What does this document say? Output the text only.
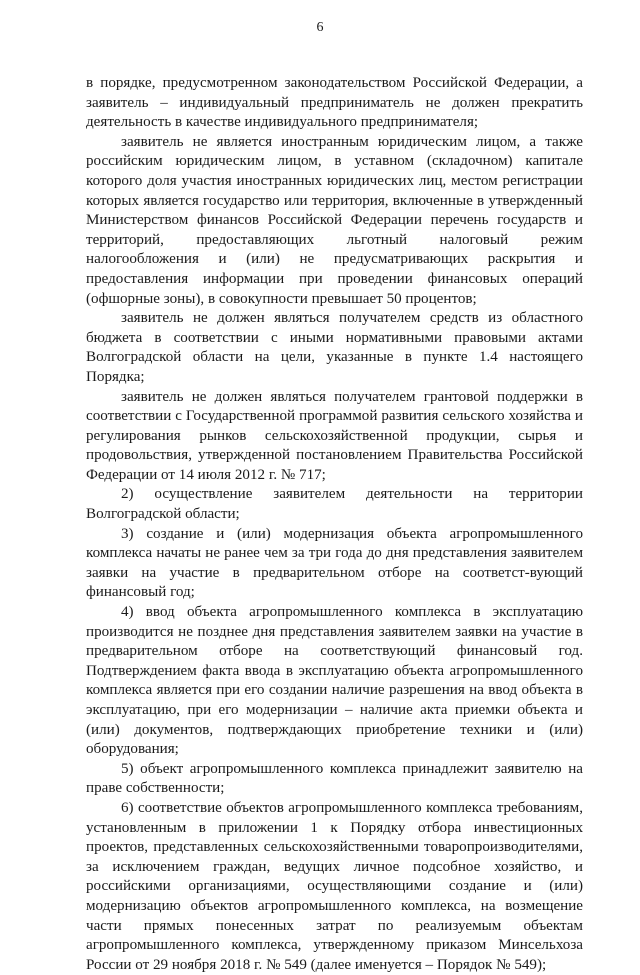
6

в порядке, предусмотренном законодательством Российской Федерации, а заявитель – индивидуальный предприниматель не должен прекратить деятельность в качестве индивидуального предпринимателя;

заявитель не является иностранным юридическим лицом, а также российским юридическим лицом, в уставном (складочном) капитале которого доля участия иностранных юридических лиц, местом регистрации которых является государство или территория, включенные в утвержденный Министерством финансов Российской Федерации перечень государств и территорий, предоставляющих льготный налоговый режим налогообложения и (или) не предусматривающих раскрытия и предоставления информации при проведении финансовых операций (офшорные зоны), в совокупности превышает 50 процентов;

заявитель не должен являться получателем средств из областного бюджета в соответствии с иными нормативными правовыми актами Волгоградской области на цели, указанные в пункте 1.4 настоящего Порядка;

заявитель не должен являться получателем грантовой поддержки в соответствии с Государственной программой развития сельского хозяйства и регулирования рынков сельскохозяйственной продукции, сырья и продовольствия, утвержденной постановлением Правительства Российской Федерации от 14 июля 2012 г. № 717;

2) осуществление заявителем деятельности на территории Волгоградской области;

3) создание и (или) модернизация объекта агропромышленного комплекса начаты не ранее чем за три года до дня представления заявителем заявки на участие в предварительном отборе на соответст-вующий финансовый год;

4) ввод объекта агропромышленного комплекса в эксплуатацию производится не позднее дня представления заявителем заявки на участие в предварительном отборе на соответствующий финансовый год. Подтверждением факта ввода в эксплуатацию объекта агропромышленного комплекса является при его создании наличие разрешения на ввод объекта в эксплуатацию, при его модернизации – наличие акта приемки объекта и (или) документов, подтверждающих приобретение техники и (или) оборудования;

5) объект агропромышленного комплекса принадлежит заявителю на праве собственности;

6) соответствие объектов агропромышленного комплекса требованиям, установленным в приложении 1 к Порядку отбора инвестиционных проектов, представленных сельскохозяйственными товаропроизводителями, за исключением граждан, ведущих личное подсобное хозяйство, и российскими организациями, осуществляющими создание и (или) модернизацию объектов агропромышленного комплекса, на возмещение части прямых понесенных затрат по реализуемым объектам агропромышленного комплекса, утвержденному приказом Минсельхоза России от 29 ноября 2018 г. № 549 (далее именуется – Порядок № 549);
